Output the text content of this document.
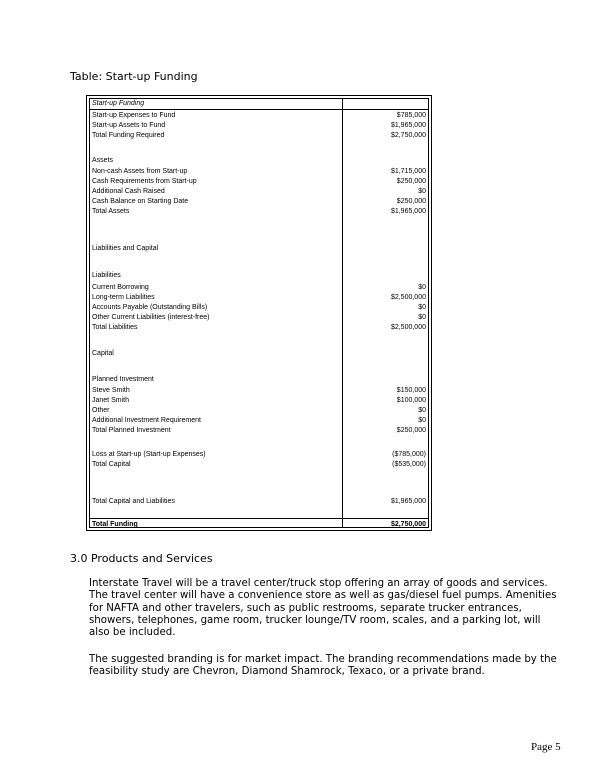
Table: Start-up Funding
Start-up Funding
Start-up Expenses to Fund	$785,000
Start-up Assets to Fund	$1,965,000
Total Funding Required	$2,750,000
Assets
Non-cash Assets from Start-up	$1,715,000
Cash Requirements from Start-up	$250,000
Additional Cash Raised	$0
Cash Balance on Starting Date	$250,000
Total Assets	$1,965,000
Liabilities and Capital
Liabilities
Current Borrowing	$0
Long-term Liabilities	$2,500,000
Accounts Payable (Outstanding Bills)	$0
Other Current Liabilities (interest-free)	$0
Total Liabilities	$2,500,000
Capital
Planned Investment
Steve Smith	$150,000
Janet Smith	$100,000
Other	$0
Additional Investment Requirement	$0
Total Planned Investment	$250,000
Loss at Start-up (Start-up Expenses)	($785,000)
Total Capital	($535,000)
Total Capital and Liabilities	$1,965,000
Total Funding	$2,750,000
3.0 Products and Services

Interstate Travel will be a travel center/truck stop offering an array of goods and services. The travel center will have a convenience store as well as gas/diesel fuel pumps. Amenities for NAFTA and other travelers, such as public restrooms, separate trucker entrances, showers, telephones, game room, trucker lounge/TV room, scales, and a parking lot, will also be included.

The suggested branding is for market impact. The branding recommendations made by the feasibility study are Chevron, Diamond Shamrock, Texaco, or a private brand.

Page 5
